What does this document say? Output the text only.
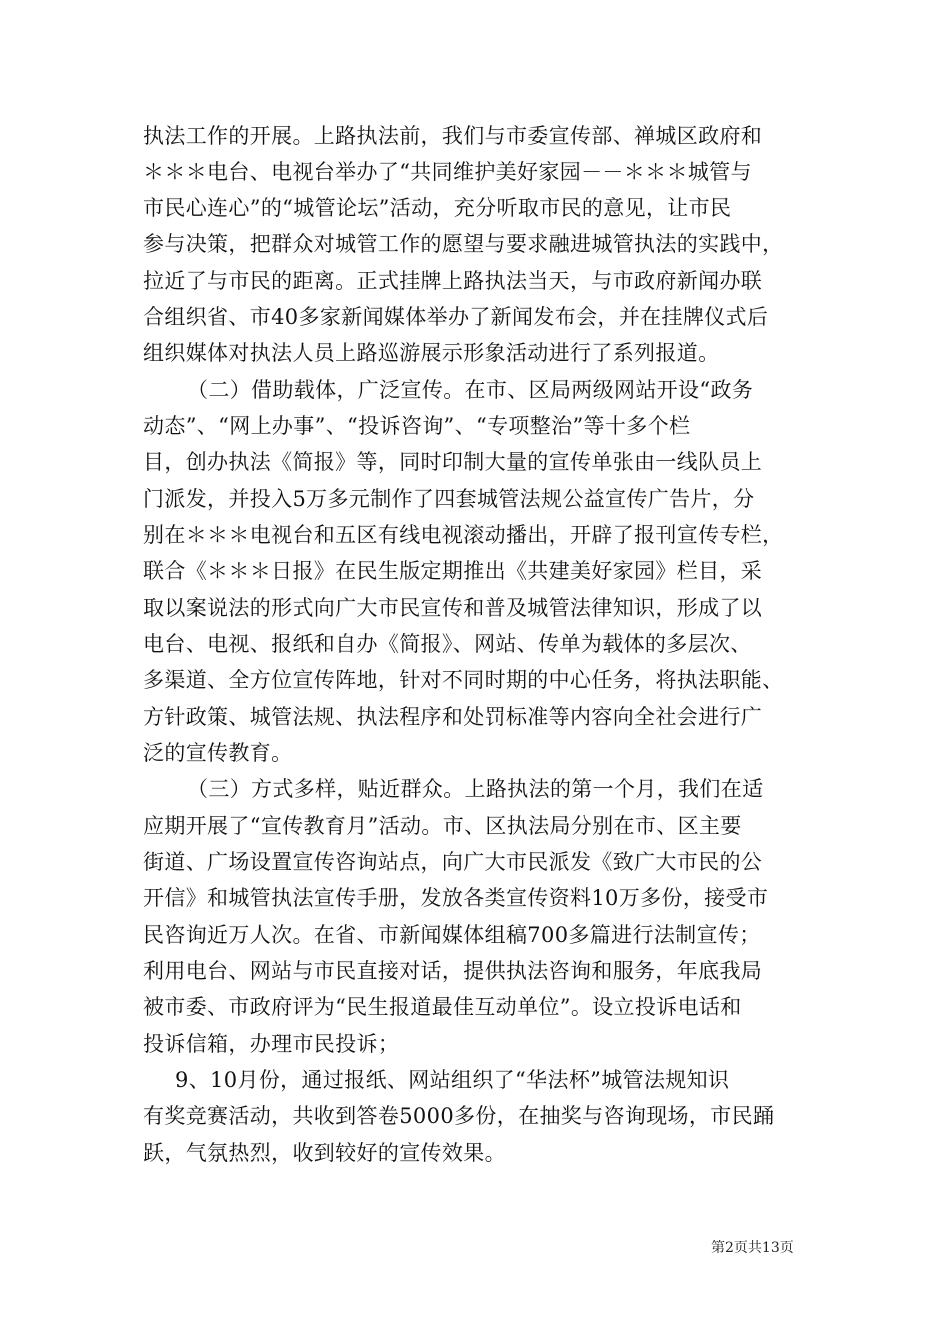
执法工作的开展。上路执法前，我们与市委宣传部、禅城区政府和
＊＊＊电台、电视台举办了“共同维护美好家园－－＊＊＊城管与
市民心连心”的“城管论坛”活动，充分听取市民的意见，让市民
参与决策，把群众对城管工作的愿望与要求融进城管执法的实践中，
拉近了与市民的距离。正式挂牌上路执法当天，与市政府新闻办联
合组织省、市40多家新闻媒体举办了新闻发布会，并在挂牌仪式后
组织媒体对执法人员上路巡游展示形象活动进行了系列报道。
（二）借助载体，广泛宣传。在市、区局两级网站开设“政务
动态”、“网上办事”、“投诉咨询”、“专项整治”等十多个栏
目，创办执法《简报》等，同时印制大量的宣传单张由一线队员上
门派发，并投入5万多元制作了四套城管法规公益宣传广告片，分
别在＊＊＊电视台和五区有线电视滚动播出，开辟了报刊宣传专栏，
联合《＊＊＊日报》在民生版定期推出《共建美好家园》栏目，采
取以案说法的形式向广大市民宣传和普及城管法律知识，形成了以
电台、电视、报纸和自办《简报》、网站、传单为载体的多层次、
多渠道、全方位宣传阵地，针对不同时期的中心任务，将执法职能、
方针政策、城管法规、执法程序和处罚标准等内容向全社会进行广
泛的宣传教育。
（三）方式多样，贴近群众。上路执法的第一个月，我们在适
应期开展了“宣传教育月”活动。市、区执法局分别在市、区主要
街道、广场设置宣传咨询站点，向广大市民派发《致广大市民的公
开信》和城管执法宣传手册，发放各类宣传资料10万多份，接受市
民咨询近万人次。在省、市新闻媒体组稿700多篇进行法制宣传；
利用电台、网站与市民直接对话，提供执法咨询和服务，年底我局
被市委、市政府评为“民生报道最佳互动单位”。设立投诉电话和
投诉信箱，办理市民投诉；
9、10月份，通过报纸、网站组织了“华法杯”城管法规知识
有奖竞赛活动，共收到答卷5000多份，在抽奖与咨询现场，市民踊
跃，气氛热烈，收到较好的宣传效果。
第2页共13页
